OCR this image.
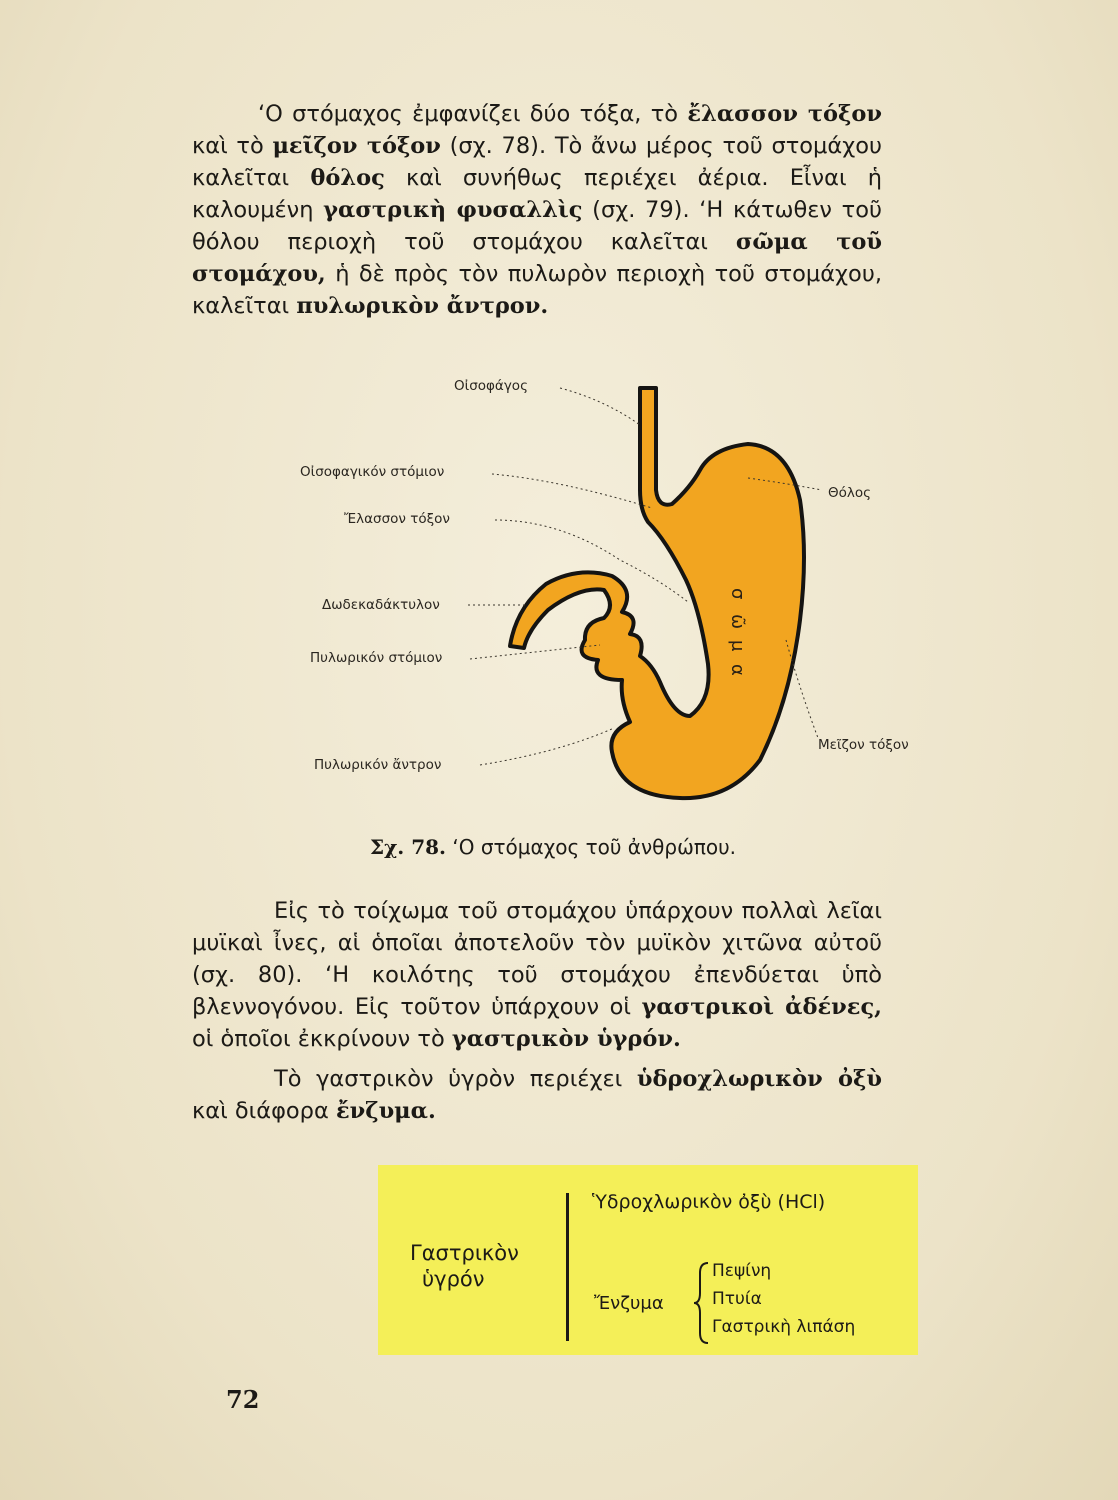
‘Ο στόμαχος ἐμφανίζει δύο τόξα, τὸ ἔλασσον τόξον καὶ τὸ μεῖζον τόξον (σχ. 78). Τὸ ἄνω μέρος τοῦ στομάχου καλεῖται θόλος καὶ συνήθως περιέχει ἀέρια. Εἶναι ἡ καλουμένη γαστρικὴ φυσαλλὶς (σχ. 79). ‘Η κάτωθεν τοῦ θόλου περιοχὴ τοῦ στομάχου καλεῖται σῶμα τοῦ στομάχου, ἡ δὲ πρὸς τὸν πυλωρὸν περιοχὴ τοῦ στομάχου, καλεῖται πυλωρικὸν ἄντρον.

σ
ῶ
μ
α
Οἰσοφάγος
Οἰσοφαγικόν στόμιον
Ἔλασσον τόξον
Δωδεκαδάκτυλον
Πυλωρικόν στόμιον
Πυλωρικόν ἄντρον
Θόλος
Μεῖζον τόξον
Σχ. 78. ‘Ο στόμαχος τοῦ ἀνθρώπου.

Εἰς τὸ τοίχωμα τοῦ στομάχου ὑπάρχουν πολλαὶ λεῖαι μυϊκαὶ ἶνες, αἱ ὁποῖαι ἀποτελοῦν τὸν μυϊκὸν χιτῶνα αὐτοῦ (σχ. 80). ‘Η κοιλότης τοῦ στομάχου ἐπενδύεται ὑπὸ βλεννογόνου. Εἰς τοῦτον ὑπάρχουν οἱ γαστρικοὶ ἀδένες, οἱ ὁποῖοι ἐκκρίνουν τὸ γαστρικὸν ὑγρόν.

Τὸ γαστρικὸν ὑγρὸν περιέχει ὑδροχλωρικὸν ὀξὺ καὶ διάφορα ἔνζυμα.

Γαστρικὸν
ὑγρόν
Ὑδροχλωρικὸν ὀξὺ (HCl)
Ἔνζυμα
Πεψίνη
Πτυία
Γαστρικὴ λιπάση
72
